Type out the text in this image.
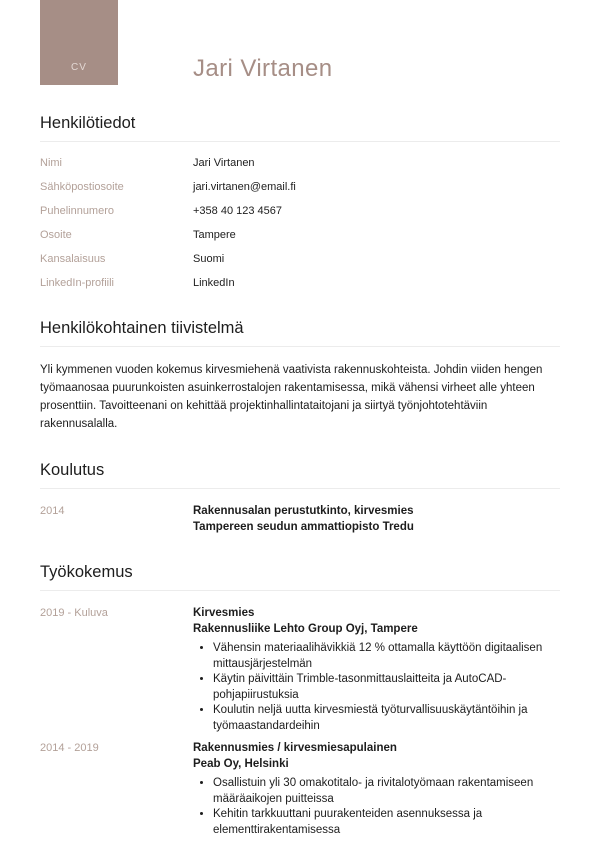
CV	Jari Virtanen
Henkilötiedot
Nimi	Jari Virtanen
Sähköpostiosoite	jari.virtanen@email.fi
Puhelinnumero	+358 40 123 4567
Osoite	Tampere
Kansalaisuus	Suomi
LinkedIn-profiili	LinkedIn
Henkilökohtainen tiivistelmä

Yli kymmenen vuoden kokemus kirvesmiehenä vaativista rakennuskohteista. Johdin viiden hengen työmaanosaa puurunkoisten asuinkerrostalojen rakentamisessa, mikä vähensi virheet alle yhteen prosenttiin. Tavoitteenani on kehittää projektinhallintataitojani ja siirtyä työnjohtotehtäviin rakennusalalla.

Koulutus
2014	Rakennusalan perustutkinto, kirvesmies
Tampereen seudun ammattiopisto Tredu
Työkokemus
2019 - Kuluva	Kirvesmies
Rakennusliike Lehto Group Oyj, Tampere
• Vähensin materiaalihävikkiä 12 % ottamalla käyttöön digitaalisen mittausjärjestelmän
• Käytin päivittäin Trimble-tasonmittauslaitteita ja AutoCAD-pohjapiirustuksia
• Koulutin neljä uutta kirvesmiestä työturvallisuuskäytäntöihin ja työmaastandardeihin
2014 - 2019	Rakennusmies / kirvesmiesapulainen
Peab Oy, Helsinki
• Osallistuin yli 30 omakotitalo- ja rivitalotyömaan rakentamiseen määräaikojen puitteissa
• Kehitin tarkkuuttani puurakenteiden asennuksessa ja elementtirakentamisessa
